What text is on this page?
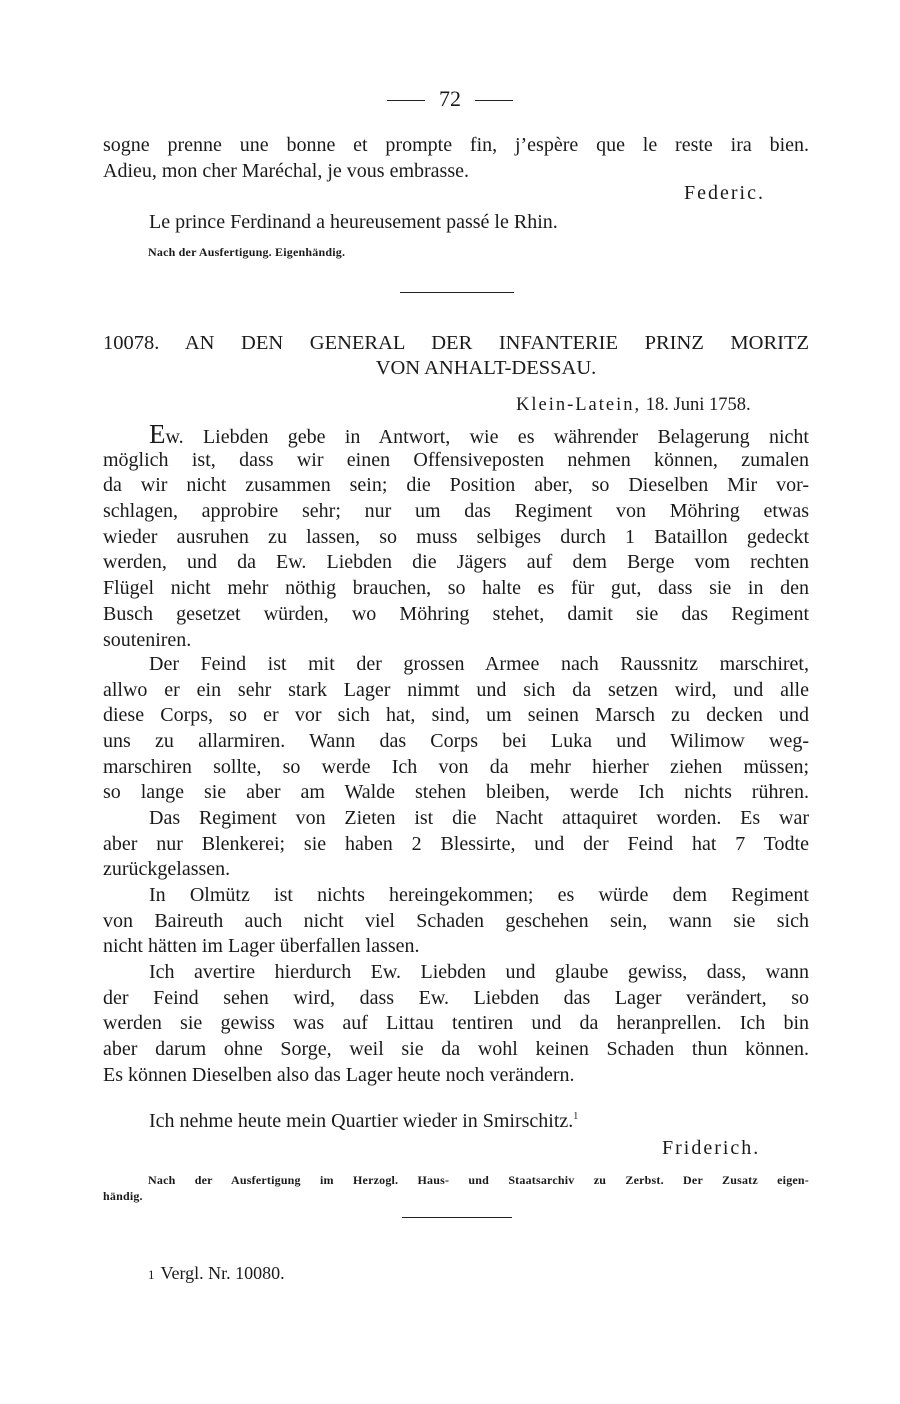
72
sogne prenne une bonne et prompte fin, j’espère que le reste ira bien.
Adieu, mon cher Maréchal, je vous embrasse.
Federic.
Le prince Ferdinand a heureusement passé le Rhin.
Nach der Ausfertigung. Eigenhändig.
10078. AN DEN GENERAL DER INFANTERIE PRINZ MORITZ
VON ANHALT-DESSAU.
Klein-Latein, 18. Juni 1758.
Ew. Liebden gebe in Antwort, wie es währender Belagerung nicht
möglich ist, dass wir einen Offensiveposten nehmen können, zumalen
da wir nicht zusammen sein; die Position aber, so Dieselben Mir vor-
schlagen, approbire sehr; nur um das Regiment von Möhring etwas
wieder ausruhen zu lassen, so muss selbiges durch 1 Bataillon gedeckt
werden, und da Ew. Liebden die Jägers auf dem Berge vom rechten
Flügel nicht mehr nöthig brauchen, so halte es für gut, dass sie in den
Busch gesetzet würden, wo Möhring stehet, damit sie das Regiment
souteniren.
Der Feind ist mit der grossen Armee nach Raussnitz marschiret,
allwo er ein sehr stark Lager nimmt und sich da setzen wird, und alle
diese Corps, so er vor sich hat, sind, um seinen Marsch zu decken und
uns zu allarmiren. Wann das Corps bei Luka und Wilimow weg-
marschiren sollte, so werde Ich von da mehr hierher ziehen müssen;
so lange sie aber am Walde stehen bleiben, werde Ich nichts rühren.
Das Regiment von Zieten ist die Nacht attaquiret worden. Es war
aber nur Blenkerei; sie haben 2 Blessirte, und der Feind hat 7 Todte
zurückgelassen.
In Olmütz ist nichts hereingekommen; es würde dem Regiment
von Baireuth auch nicht viel Schaden geschehen sein, wann sie sich
nicht hätten im Lager überfallen lassen.
Ich avertire hierdurch Ew. Liebden und glaube gewiss, dass, wann
der Feind sehen wird, dass Ew. Liebden das Lager verändert, so
werden sie gewiss was auf Littau tentiren und da heranprellen. Ich bin
aber darum ohne Sorge, weil sie da wohl keinen Schaden thun können.
Es können Dieselben also das Lager heute noch verändern.
Ich nehme heute mein Quartier wieder in Smirschitz.$^1$
Friderich.
Nach der Ausfertigung im Herzogl. Haus- und Staatsarchiv zu Zerbst. Der Zusatz eigen-
händig.
1 Vergl. Nr. 10080.
